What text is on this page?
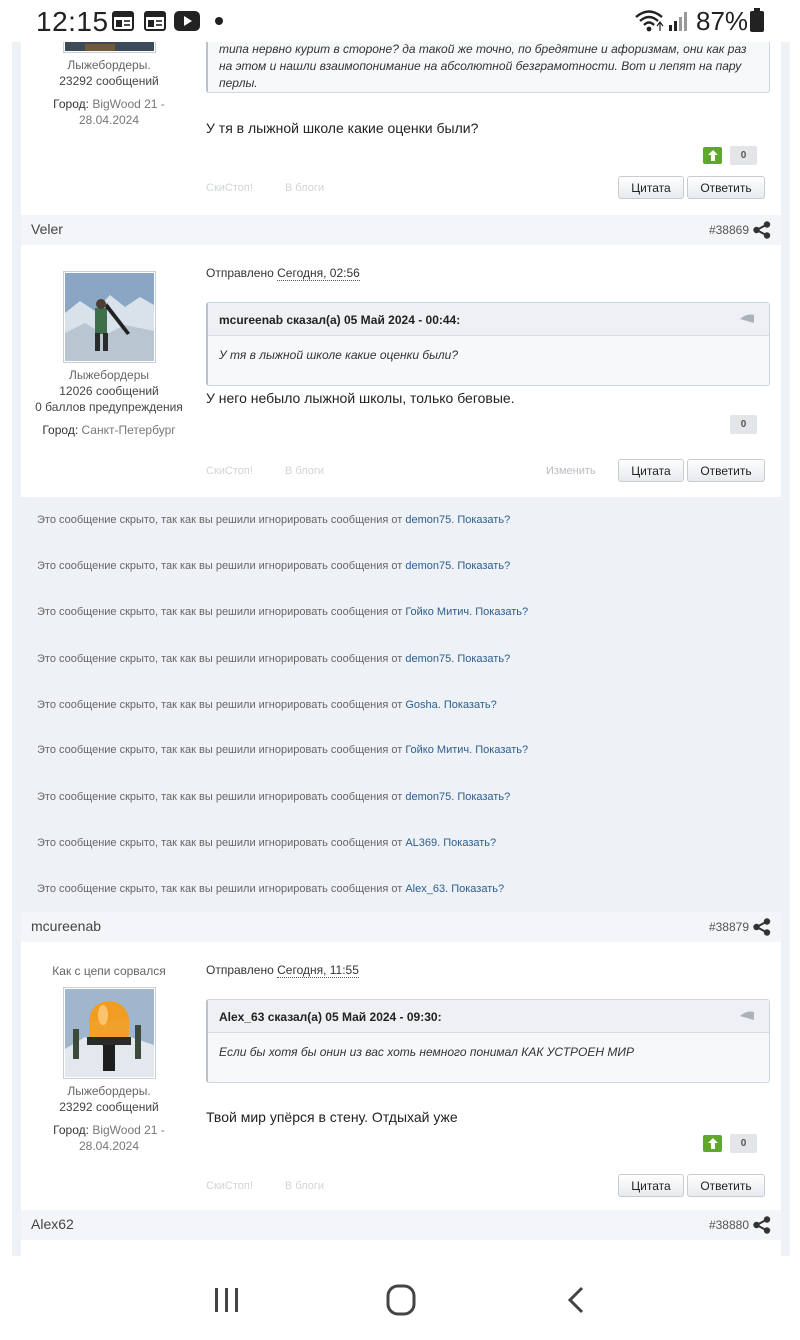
12:15	87%
Лыжебордеры.
23292 сообщений
Город: BigWood 21 -
28.04.2024
типа нервно курит в стороне? да такой же точно, по бредятине и афоризмам, они как раз на этом и нашли взаимопонимание на абсолютной безграмотности. Вот и лепят на пару перлы.
У тя в лыжной школе какие оценки были?
0
СкиСтоп!	В блоги	Цитата	Ответить
Veler	#38869
Лыжебордеры
12026 сообщений
0 баллов предупреждения
Город: Санкт-Петербург
Отправлено Сегодня, 02:56
mcureenab сказал(а) 05 Май 2024 - 00:44:
У тя в лыжной школе какие оценки были?
У него небыло лыжной школы, только беговые.
0
СкиСтоп!	В блоги	Изменить	Цитата	Ответить
Это сообщение скрыто, так как вы решили игнорировать сообщения от demon75. Показать?
Это сообщение скрыто, так как вы решили игнорировать сообщения от demon75. Показать?
Это сообщение скрыто, так как вы решили игнорировать сообщения от Гойко Митич. Показать?
Это сообщение скрыто, так как вы решили игнорировать сообщения от demon75. Показать?
Это сообщение скрыто, так как вы решили игнорировать сообщения от Gosha. Показать?
Это сообщение скрыто, так как вы решили игнорировать сообщения от Гойко Митич. Показать?
Это сообщение скрыто, так как вы решили игнорировать сообщения от demon75. Показать?
Это сообщение скрыто, так как вы решили игнорировать сообщения от AL369. Показать?
Это сообщение скрыто, так как вы решили игнорировать сообщения от Alex_63. Показать?
mcureenab	#38879
Как с цепи сорвался
Лыжебордеры.
23292 сообщений
Город: BigWood 21 -
28.04.2024
Отправлено Сегодня, 11:55
Alex_63 сказал(а) 05 Май 2024 - 09:30:
Если бы хотя бы онин из вас хоть немного понимал КАК УСТРОЕН МИР
Твой мир упёрся в стену. Отдыхай уже
0
СкиСтоп!	В блоги	Цитата	Ответить
Alex62	#38880
